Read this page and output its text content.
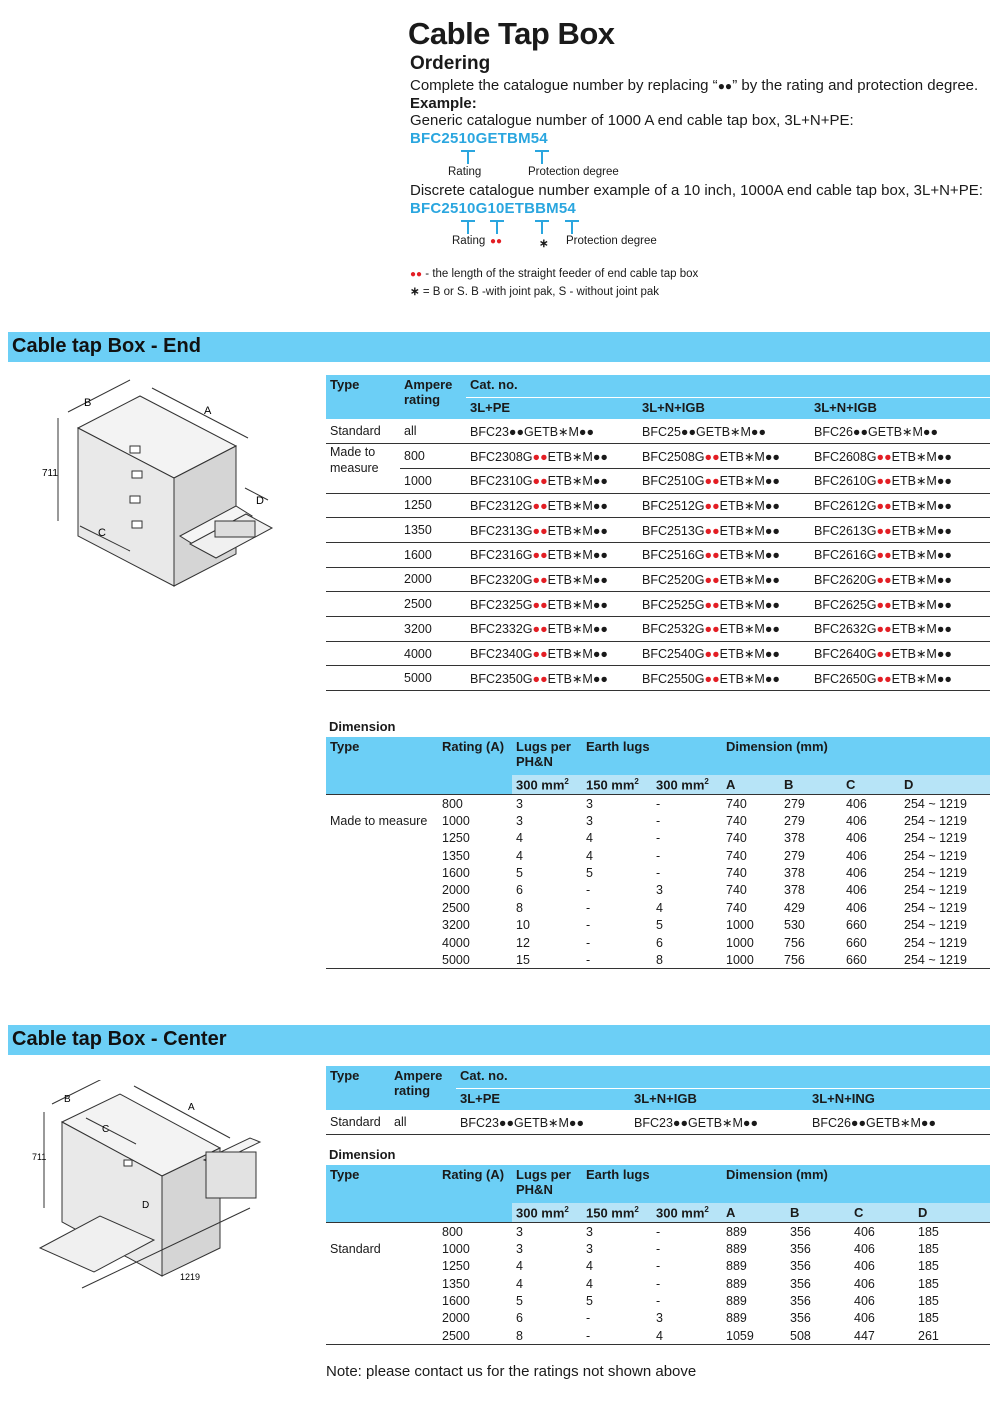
Cable Tap Box
Ordering
Complete the catalogue number by replacing “●●” by the rating and protection degree.
Example:
Generic catalogue number of 1000 A end cable tap box, 3L+N+PE:
BFC2510GETBM54
Rating	Protection degree
Discrete catalogue number example of a 10 inch, 1000A end cable tap box, 3L+N+PE:
BFC2510G10ETBBM54
Rating ●●	∗ Protection degree
●● - the length of the straight feeder of end cable tap box
∗ = B or S. B -with joint pak, S - without joint pak
Cable tap Box - End
B
A
711
C
D
Type	Ampere rating	Cat. no.		
		3L+PE	3L+N+IGB	3L+N+IGB
Standard	all	BFC23●●GETB∗M●●	BFC25●●GETB∗M●●	BFC26●●GETB∗M●●
Made to measure	800	BFC2308G●●ETB∗M●●	BFC2508G●●ETB∗M●●	BFC2608G●●ETB∗M●●
	1000	BFC2310G●●ETB∗M●●	BFC2510G●●ETB∗M●●	BFC2610G●●ETB∗M●●
	1250	BFC2312G●●ETB∗M●●	BFC2512G●●ETB∗M●●	BFC2612G●●ETB∗M●●
	1350	BFC2313G●●ETB∗M●●	BFC2513G●●ETB∗M●●	BFC2613G●●ETB∗M●●
	1600	BFC2316G●●ETB∗M●●	BFC2516G●●ETB∗M●●	BFC2616G●●ETB∗M●●
	2000	BFC2320G●●ETB∗M●●	BFC2520G●●ETB∗M●●	BFC2620G●●ETB∗M●●
	2500	BFC2325G●●ETB∗M●●	BFC2525G●●ETB∗M●●	BFC2625G●●ETB∗M●●
	3200	BFC2332G●●ETB∗M●●	BFC2532G●●ETB∗M●●	BFC2632G●●ETB∗M●●
	4000	BFC2340G●●ETB∗M●●	BFC2540G●●ETB∗M●●	BFC2640G●●ETB∗M●●
	5000	BFC2350G●●ETB∗M●●	BFC2550G●●ETB∗M●●	BFC2650G●●ETB∗M●●
Dimension
Type	Rating (A)	Lugs per PH&N	Earth lugs		Dimension (mm)			
		300 $mm^2$	150 $mm^2$	300 $mm^2$	A	B	C	D
	800	3	3	-	740	279	406	254 ~ 1219
Made to measure	1000	3	3	-	740	279	406	254 ~ 1219
	1250	4	4	-	740	378	406	254 ~ 1219
	1350	4	4	-	740	279	406	254 ~ 1219
	1600	5	5	-	740	378	406	254 ~ 1219
	2000	6	-	3	740	378	406	254 ~ 1219
	2500	8	-	4	740	429	406	254 ~ 1219
	3200	10	-	5	1000	530	660	254 ~ 1219
	4000	12	-	6	1000	756	660	254 ~ 1219
	5000	15	-	8	1000	756	660	254 ~ 1219
Cable tap Box - Center
B
A
C
D
711
1219
Type	Ampere rating	Cat. no.		
		3L+PE	3L+N+IGB	3L+N+ING
Standard	all	BFC23●●GETB∗M●●	BFC23●●GETB∗M●●	BFC26●●GETB∗M●●
Dimension
Type	Rating (A)	Lugs per PH&N	Earth lugs		Dimension (mm)			
		300 $mm^2$	150 $mm^2$	300 $mm^2$	A	B	C	D
	800	3	3	-	889	356	406	185
Standard	1000	3	3	-	889	356	406	185
	1250	4	4	-	889	356	406	185
	1350	4	4	-	889	356	406	185
	1600	5	5	-	889	356	406	185
	2000	6	-	3	889	356	406	185
	2500	8	-	4	1059	508	447	261
Note: please contact us for the ratings not shown above
